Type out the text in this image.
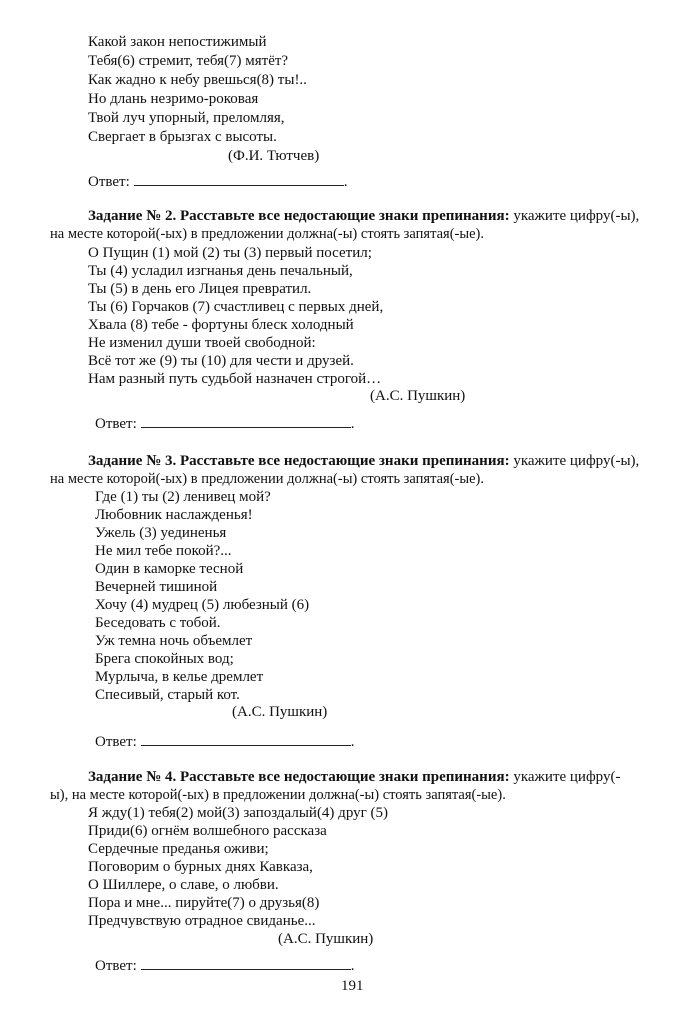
Какой закон непостижимый
Тебя(6) стремит, тебя(7) мятёт?
Как жадно к небу рвешься(8) ты!..
Но длань незримо-роковая
Твой луч упорный, преломляя,
Свергает в брызгах с высоты.
(Ф.И. Тютчев)
Ответ:	.
Задание № 2. Расставьте все недостающие знаки препинания: укажите цифру(-ы),
на месте которой(-ых) в предложении должна(-ы) стоять запятая(-ые).
О Пущин (1) мой (2) ты (3) первый посетил;
Ты (4) усладил изгнанья день печальный,
Ты (5) в день его Лицея превратил.
Ты (6) Горчаков (7) счастливец с первых дней,
Хвала (8) тебе - фортуны блеск холодный
Не изменил души твоей свободной:
Всё тот же (9) ты (10) для чести и друзей.
Нам разный путь судьбой назначен строгой…
(А.С. Пушкин)
Ответ:	.
Задание № 3. Расставьте все недостающие знаки препинания: укажите цифру(-ы),
на месте которой(-ых) в предложении должна(-ы) стоять запятая(-ые).
Где (1) ты (2) ленивец мой?
Любовник наслажденья!
Ужель (3) уединенья
Не мил тебе покой?...
Один в каморке тесной
Вечерней тишиной
Хочу (4) мудрец (5) любезный (6)
Беседовать с тобой.
Уж темна ночь объемлет
Брега спокойных вод;
Мурлыча, в келье дремлет
Спесивый, старый кот.
(А.С. Пушкин)
Ответ:	.
Задание № 4. Расставьте все недостающие знаки препинания: укажите цифру(-
ы), на месте которой(-ых) в предложении должна(-ы) стоять запятая(-ые).
Я жду(1) тебя(2) мой(3) запоздалый(4) друг (5)
Приди(6) огнём волшебного рассказа
Сердечные преданья оживи;
Поговорим о бурных днях Кавказа,
О Шиллере, о славе, о любви.
Пора и мне... пируйте(7) о друзья(8)
Предчувствую отрадное свиданье...
(А.С. Пушкин)
Ответ:	.
191
